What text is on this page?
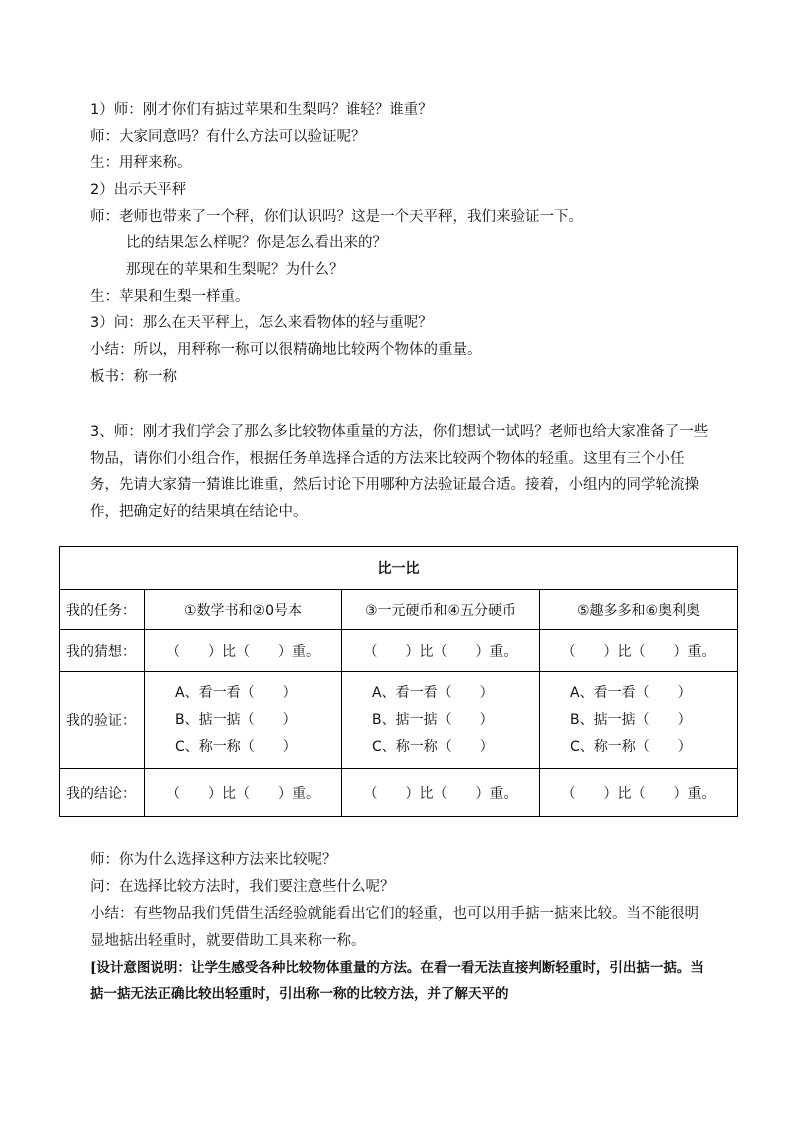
1）师：刚才你们有掂过苹果和生梨吗？谁轻？谁重？
师：大家同意吗？有什么方法可以验证呢？
生：用秤来称。
2）出示天平秤
师：老师也带来了一个秤，你们认识吗？这是一个天平秤，我们来验证一下。
比的结果怎么样呢？你是怎么看出来的？
那现在的苹果和生梨呢？为什么？
生：苹果和生梨一样重。
3）问：那么在天平秤上，怎么来看物体的轻与重呢？
小结：所以，用秤称一称可以很精确地比较两个物体的重量。
板书：称一称
3、师：刚才我们学会了那么多比较物体重量的方法，你们想试一试吗？老师也给大家准备了一些物品，请你们小组合作，根据任务单选择合适的方法来比较两个物体的轻重。这里有三个小任务，先请大家猜一猜谁比谁重，然后讨论下用哪种方法验证最合适。接着，小组内的同学轮流操作，把确定好的结果填在结论中。
比一比			
我的任务：	①数学书和②0号本	③一元硬币和④五分硬币	⑤趣多多和⑥奥利奥
我的猜想：	（　　）比（　　）重。	（　　）比（　　）重。	（　　）比（　　）重。
我的验证：	A、看一看（　　）
B、掂一掂（　　）
C、称一称（　　）	A、看一看（　　）
B、掂一掂（　　）
C、称一称（　　）	A、看一看（　　）
B、掂一掂（　　）
C、称一称（　　）

我的结论：	（　　）比（　　）重。	（　　）比（　　）重。	（　　）比（　　）重。
师：你为什么选择这种方法来比较呢？
问：在选择比较方法时，我们要注意些什么呢？
小结：有些物品我们凭借生活经验就能看出它们的轻重，也可以用手掂一掂来比较。当不能很明显地掂出轻重时，就要借助工具来称一称。
[设计意图说明：让学生感受各种比较物体重量的方法。在看一看无法直接判断轻重时，引出掂一掂。当掂一掂无法正确比较出轻重时，引出称一称的比较方法，并了解天平的
